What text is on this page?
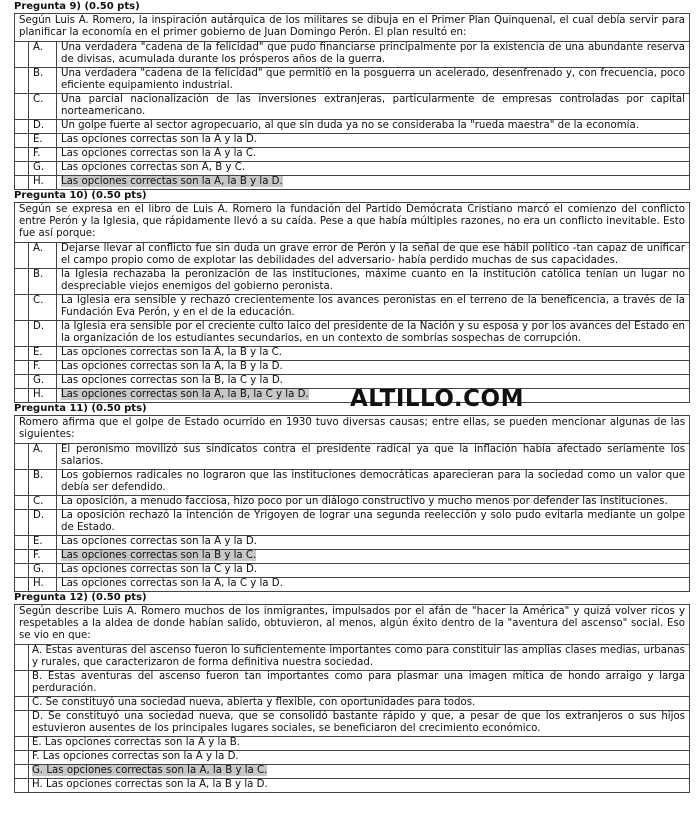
Pregunta 9) (0.50 pts)
Según Luis A. Romero, la inspiración autárquica de los militares se dibuja en el Primer Plan Quinquenal, el cual debía servir para planificar la economía en el primer gobierno de Juan Domingo Perón. El plan resultó en:
A.	Una verdadera "cadena de la felicidad" que pudo financiarse principalmente por la existencia de una abundante reserva de divisas, acumulada durante los prósperos años de la guerra.
B.	Una verdadera "cadena de la felicidad" que permitió en la posguerra un acelerado, desenfrenado y, con frecuencia, poco eficiente equipamiento industrial.
C.	Una parcial nacionalización de las inversiones extranjeras, particularmente de empresas controladas por capital norteamericano.
D.	Un golpe fuerte al sector agropecuario, al que sin duda ya no se consideraba la "rueda maestra" de la economía.
E.	Las opciones correctas son la A y la D.
F.	Las opciones correctas son la A y la C.
G.	Las opciones correctas son A, B y C.
H.	Las opciones correctas son la A, la B y la D.
Pregunta 10) (0.50 pts)
Según se expresa en el libro de Luis A. Romero la fundación del Partido Demócrata Cristiano marcó el comienzo del conflicto entre Perón y la Iglesia, que rápidamente llevó a su caída. Pese a que había múltiples razones, no era un conflicto inevitable. Esto fue así porque:
A.	Dejarse llevar al conflicto fue sin duda un grave error de Perón y la señal de que ese hábil político -tan capaz de unificar el campo propio como de explotar las debilidades del adversario- había perdido muchas de sus capacidades.
B.	la Iglesia rechazaba la peronización de las instituciones, máxime cuanto en la institución católica tenían un lugar no despreciable viejos enemigos del gobierno peronista.
C.	La Iglesia era sensible y rechazó crecientemente los avances peronistas en el terreno de la beneficencia, a través de la Fundación Eva Perón, y en el de la educación.
D.	la Iglesia era sensible por el creciente culto laico del presidente de la Nación y su esposa y por los avances del Estado en la organización de los estudiantes secundarios, en un contexto de sombrías sospechas de corrupción.
E.	Las opciones correctas son la A, la B y la C.
F.	Las opciones correctas son la A, la B y la D.
G.	Las opciones correctas son la B, la C y la D.
H.	Las opciones correctas son la A, la B, la C y la D.
Pregunta 11) (0.50 pts)
Romero afirma que el golpe de Estado ocurrido en 1930 tuvo diversas causas; entre ellas, se pueden mencionar algunas de las siguientes:
A.	El peronismo movilizó sus sindicatos contra el presidente radical ya que la inflación había afectado seriamente los salarios.
B.	Los gobiernos radicales no lograron que las instituciones democráticas aparecieran para la sociedad como un valor que debía ser defendido.
C.	La oposición, a menudo facciosa, hizo poco por un diálogo constructivo y mucho menos por defender las instituciones.
D.	La oposición rechazó la intención de Yrigoyen de lograr una segunda reelección y solo pudo evitarla mediante un golpe de Estado.
E.	Las opciones correctas son la A y la D.
F.	Las opciones correctas son la B y la C.
G.	Las opciones correctas son la C y la D.
H.	Las opciones correctas son la A, la C y la D.
Pregunta 12) (0.50 pts)
Según describe Luis A. Romero muchos de los inmigrantes, impulsados por el afán de "hacer la América" y quizá volver ricos y respetables a la aldea de donde habían salido, obtuvieron, al menos, algún éxito dentro de la "aventura del ascenso" social. Eso se vio en que:
A. Estas aventuras del ascenso fueron lo suficientemente importantes como para constituir las amplias clases medias, urbanas y rurales, que caracterizaron de forma definitiva nuestra sociedad.
B. Estas aventuras del ascenso fueron tan importantes como para plasmar una imagen mítica de hondo arraigo y larga perduración.
C. Se constituyó una sociedad nueva, abierta y flexible, con oportunidades para todos.
D. Se constituyó una sociedad nueva, que se consolidó bastante rápido y que, a pesar de que los extranjeros o sus hijos estuvieron ausentes de los principales lugares sociales, se beneficiaron del crecimiento económico.
E. Las opciones correctas son la A y la B.
F. Las opciones correctas son la A y la D.
G. Las opciones correctas son la A, la B y la C.
H. Las opciones correctas son la A, la B y la D.
ALTILLO.COM
